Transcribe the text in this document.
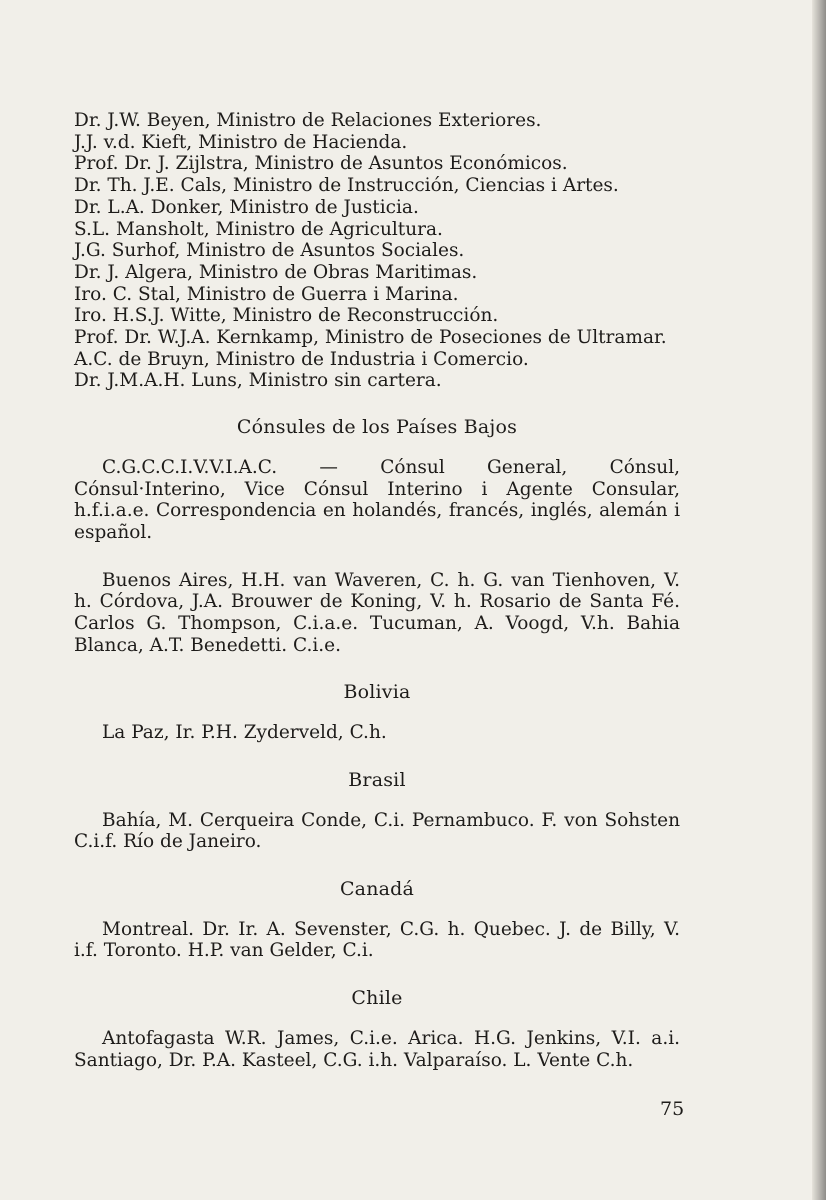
Dr. J.W. Beyen, Ministro de Relaciones Exteriores.

J.J. v.d. Kieft, Ministro de Hacienda.

Prof. Dr. J. Zijlstra, Ministro de Asuntos Económicos.

Dr. Th. J.E. Cals, Ministro de Instrucción, Ciencias i Artes.

Dr. L.A. Donker, Ministro de Justicia.

S.L. Mansholt, Ministro de Agricultura.

J.G. Surhof, Ministro de Asuntos Sociales.

Dr. J. Algera, Ministro de Obras Maritimas.

Iro. C. Stal, Ministro de Guerra i Marina.

Iro. H.S.J. Witte, Ministro de Reconstrucción.

Prof. Dr. W.J.A. Kernkamp, Ministro de Poseciones de Ultramar.

A.C. de Bruyn, Ministro de Industria i Comercio.

Dr. J.M.A.H. Luns, Ministro sin cartera.

Cónsules de los Países Bajos

C.G.C.C.I.V.V.I.A.C. — Cónsul General, Cónsul, Cónsul·Interino, Vice Cónsul Interino i Agente Consular, h.f.i.a.e. Correspondencia en holandés, francés, inglés, alemán i español.

Buenos Aires, H.H. van Waveren, C. h. G. van Tienhoven, V. h. Córdova, J.A. Brouwer de Koning, V. h. Rosario de Santa Fé. Carlos G. Thompson, C.i.a.e. Tucuman, A. Voogd, V.h. Bahia Blanca, A.T. Benedetti. C.i.e.

Bolivia

La Paz, Ir. P.H. Zyderveld, C.h.

Brasil

Bahía, M. Cerqueira Conde, C.i. Pernambuco. F. von Sohsten C.i.f. Río de Janeiro.

Canadá

Montreal. Dr. Ir. A. Sevenster, C.G. h. Quebec. J. de Billy, V. i.f. Toronto. H.P. van Gelder, C.i.

Chile

Antofagasta W.R. James, C.i.e. Arica. H.G. Jenkins, V.I. a.i. Santiago, Dr. P.A. Kasteel, C.G. i.h. Valparaíso. L. Vente C.h.

75
